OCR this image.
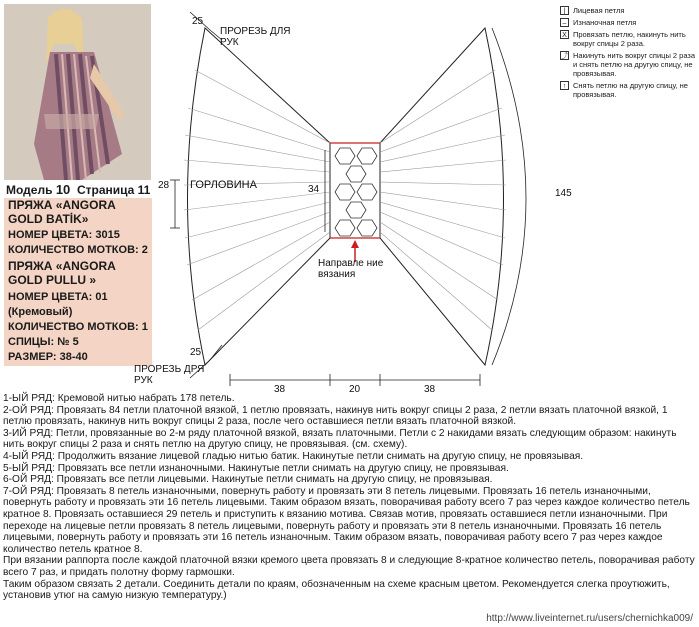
Модель 10 Страница 11
ПРЯЖА «ANGORA
GOLD BATİK»
НОМЕР ЦВЕТА: 3015
КОЛИЧЕСТВО МОТКОВ: 2
ПРЯЖА «ANGORA
GOLD PULLU »
НОМЕР ЦВЕТА: 01
(Кремовый)
КОЛИЧЕСТВО МОТКОВ: 1
СПИЦЫ: № 5
РАЗМЕР: 38-40
25
ПРОРЕЗЬ ДЛЯ
РУК
28 ГОРЛОВИНА	34	145
Направле ние
вязания
25
ПРОРЕЗЬ ДРЯ
РУК
38	20	38
|	Лицевая петля
– Изнаночная петля
X Провязать петлю, накинуть нить вокруг спицы 2 раза.
⤴ Накинуть нить вокруг спицы 2 раза и снять петлю на другую спицу, не провязывая.
↑ Снять петлю на другую спицу, не провязывая.

1-ЫЙ РЯД: Кремовой нитью набрать 178 петель.

2-ОЙ РЯД: Провязать 84 петли платочной вязкой, 1 петлю провязать, накинув нить вокруг спицы 2 раза, 2 петли вязать платочной вязкой, 1 петлю провязать, накинув нить вокруг спицы 2 раза, после чего оставшиеся петли вязать платочной вязкой.

3-ИЙ РЯД: Петли, провязанные во 2-м ряду платочной вязкой, вязать платочными. Петли с 2 накидами вязать следующим образом: накинуть нить вокруг спицы 2 раза и снять петлю на другую спицу, не провязывая. (см. схему).

4-ЫЙ РЯД: Продолжить вязание лицевой гладью нитью батик. Накинутые петли снимать на другую спицу, не провязывая.

5-ЫЙ РЯД: Провязать все петли изнаночными. Накинутые петли снимать на другую спицу, не провязывая.

6-ОЙ РЯД: Провязать все петли лицевыми. Накинутые петли снимать на другую спицу, не провязывая.

7-ОЙ РЯД: Провязать 8 петель изнаночными, повернуть работу и провязать эти 8 петель лицевыми. Провязать 16 петель изнаночными, повернуть работу и провязать эти 16 петель лицевыми. Таким образом вязать, поворачивая работу всего 7 раз через каждое количество петель кратное 8. Провязать оставшиеся 29 петель и приступить к вязанию мотива. Связав мотив, провязать оставшиеся петли изнаночными. При переходе на лицевые петли провязать 8 петель лицевыми, повернуть работу и провязать эти 8 петель изнаночными. Провязать 16 петель лицевыми, повернуть работу и провязать эти 16 петель изнаночным. Таким образом вязать, поворачивая работу всего 7 раз через каждое количество петель кратное 8.

При вязании раппорта после каждой платочной вязки кремого цвета провязать 8 и следующие 8-кратное количество петель, поворачивая работу всего 7 раз, и придать полотну форму гармошки.

Таким образом связать 2 детали. Соединить детали по краям, обозначенным на схеме красным цветом. Рекомендуется слегка проутюжить, установив утюг на самую низкую температуру.)

http://www.liveinternet.ru/users/chernichka009/
